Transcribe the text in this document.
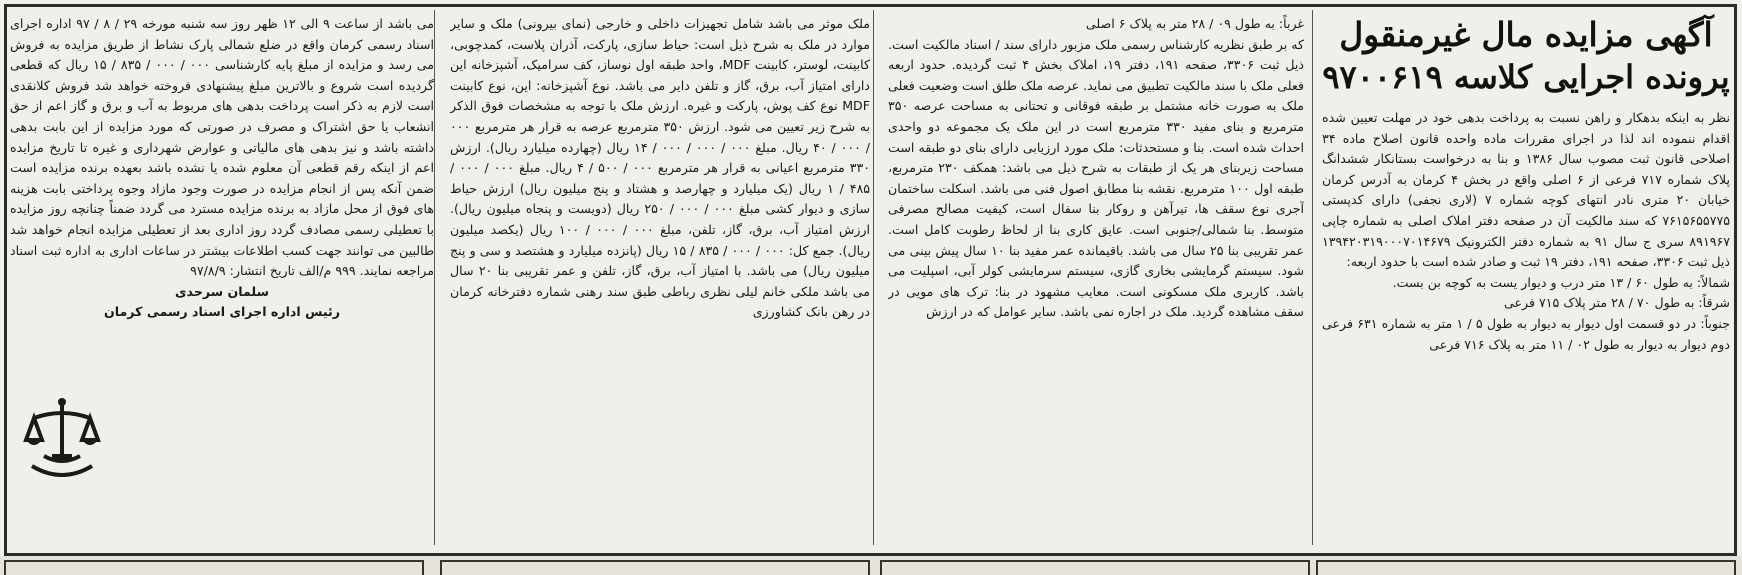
آگهی مزایده مال غیرمنقول
پرونده اجرایی کلاسه ۹۷۰۰۶۱۹

نظر به اینکه بدهکار و راهن نسبت به پرداخت بدهی خود در مهلت تعیین شده اقدام ننموده اند لذا در اجرای مقررات ماده واحده قانون اصلاح ماده ۳۴ اصلاحی قانون ثبت مصوب سال ۱۳۸۶ و بنا به درخواست بستانکار ششدانگ پلاک شماره ۷۱۷ فرعی از ۶ اصلی واقع در بخش ۴ کرمان به آدرس کرمان خیابان ۲۰ متری نادر انتهای کوچه شماره ۷ (لاری نجفی) دارای کدپستی ۷۶۱۵۶۵۵۷۷۵ که سند مالکیت آن در صفحه دفتر املاک اصلی به شماره چاپی ۸۹۱۹۶۷ سری ج سال ۹۱ به شماره دفتر الکترونیک ۱۳۹۴۲۰۳۱۹۰۰۰۷۰۱۴۶۷۹ ذیل ثبت ۳۳۰۶، صفحه ۱۹۱، دفتر ۱۹ ثبت و صادر شده است با حدود اربعه:

شمالاً: به طول ۶۰ / ۱۳ متر درب و دیوار یست به کوچه بن بست.

شرقاً: به طول ۷۰ / ۲۸ متر پلاک ۷۱۵ فرعی

جنوباً: در دو قسمت اول دیوار به دیوار به طول ۵ / ۱ متر به شماره ۶۳۱ فرعی دوم دیوار به دیوار به طول ۰۲ / ۱۱ متر به پلاک ۷۱۶ فرعی

غرباً: به طول ۰۹ / ۲۸ متر به پلاک ۶ اصلی

که بر طبق نظریه کارشناس رسمی ملک مزبور دارای سند / اسناد مالکیت است. ذیل ثبت ۳۳۰۶، صفحه ۱۹۱، دفتر ۱۹، املاک بخش ۴ ثبت گردیده. حدود اربعه فعلی ملک با سند مالکیت تطبیق می نماید. عرصه ملک طلق است وضعیت فعلی ملک به صورت خانه مشتمل بر طبقه فوقانی و تحتانی به مساحت عرصه ۳۵۰ مترمربع و بنای مفید ۳۳۰ مترمربع است در این ملک یک مجموعه دو واحدی احداث شده است. بنا و مستحدثات: ملک مورد ارزیابی دارای بنای دو طبقه است مساحت زیربنای هر یک از طبقات به شرح ذیل می باشد: همکف ۲۳۰ مترمربع، طبقه اول ۱۰۰ مترمربع. نقشه بنا مطابق اصول فنی می باشد. اسکلت ساختمان آجری نوع سقف ها، تیرآهن و روکار بنا سفال است، کیفیت مصالح مصرفی متوسط. بنا شمالی/جنوبی است. عایق کاری بنا از لحاظ رطوبت کامل است. عمر تقریبی بنا ۲۵ سال می باشد. باقیمانده عمر مفید بنا ۱۰ سال پیش بینی می شود. سیستم گرمایشی بخاری گازی، سیستم سرمایشی کولر آبی، اسپلیت می باشد. کاربری ملک مسکونی است. معایب مشهود در بنا: ترک های مویی در سقف مشاهده گردید. ملک در اجاره نمی باشد. سایر عوامل که در ارزش

ملک موثر می باشد شامل تجهیزات داخلی و خارجی (نمای بیرونی) ملک و سایر موارد در ملک به شرح ذیل است: حیاط سازی، پارکت، آذران پلاست، کمدچوبی، کابینت، لوستر، کابینت MDF، واحد طبقه اول نوساز، کف سرامیک، آشپزخانه این دارای امتیاز آب، برق، گاز و تلفن دایر می باشد. نوع آشپزخانه: این، نوع کابینت MDF نوع کف پوش، پارکت و غیره. ارزش ملک با توجه به مشخصات فوق الذکر به شرح زیر تعیین می شود. ارزش ۳۵۰ مترمربع عرصه به قرار هر مترمربع ۰۰۰ / ۰۰۰ / ۴۰ ریال. مبلغ ۰۰۰ / ۰۰۰ / ۰۰۰ / ۱۴ ریال (چهارده میلیارد ریال). ارزش ۳۳۰ مترمربع اعیانی به قرار هر مترمربع ۰۰۰ / ۵۰۰ / ۴ ریال. مبلغ ۰۰۰ / ۰۰۰ / ۴۸۵ / ۱ ریال (یک میلیارد و چهارصد و هشتاد و پنج میلیون ریال) ارزش حیاط سازی و دیوار کشی مبلغ ۰۰۰ / ۰۰۰ / ۲۵۰ ریال (دویست و پنجاه میلیون ریال). ارزش امتیاز آب، برق، گاز، تلفن، مبلغ ۰۰۰ / ۰۰۰ / ۱۰۰ ریال (یکصد میلیون ریال). جمع کل: ۰۰۰ / ۰۰۰ / ۸۳۵ / ۱۵ ریال (پانزده میلیارد و هشتصد و سی و پنج میلیون ریال) می باشد. با امتیاز آب، برق، گاز، تلفن و عمر تقریبی بنا ۲۰ سال می باشد ملکی خانم لیلی نظری رباطی طبق سند رهنی شماره دفترخانه کرمان در رهن بانک کشاورزی

می باشد از ساعت ۹ الی ۱۲ ظهر روز سه شنبه مورخه ۲۹ / ۸ / ۹۷ اداره اجرای اسناد رسمی کرمان واقع در ضلع شمالی پارک نشاط از طریق مزایده به فروش می رسد و مزایده از مبلغ پایه کارشناسی ۰۰۰ / ۰۰۰ / ۸۳۵ / ۱۵ ریال که قطعی گردیده است شروع و بالاترین مبلغ پیشنهادی فروخته خواهد شد فروش کلانقدی است لازم به ذکر است پرداخت بدهی های مربوط به آب و برق و گاز اعم از حق انشعاب یا حق اشتراک و مصرف در صورتی که مورد مزایده از این بابت بدهی داشته باشد و نیز بدهی های مالیاتی و عوارض شهرداری و غیره تا تاریخ مزایده اعم از اینکه رقم قطعی آن معلوم شده یا نشده باشد بعهده برنده مزایده است ضمن آنکه پس از انجام مزایده در صورت وجود مازاد وجوه پرداختی بابت هزینه های فوق از محل مازاد به برنده مزایده مسترد می گردد ضمناً چنانچه روز مزایده با تعطیلی رسمی مصادف گردد روز اداری بعد از تعطیلی مزایده انجام خواهد شد طالبین می توانند جهت کسب اطلاعات بیشتر در ساعات اداری به اداره ثبت اسناد مراجعه نمایند. ۹۹۹ م/الف تاریخ انتشار: ۹۷/۸/۹

سلمان سرحدی
رئیس اداره اجرای اسناد رسمی کرمان
